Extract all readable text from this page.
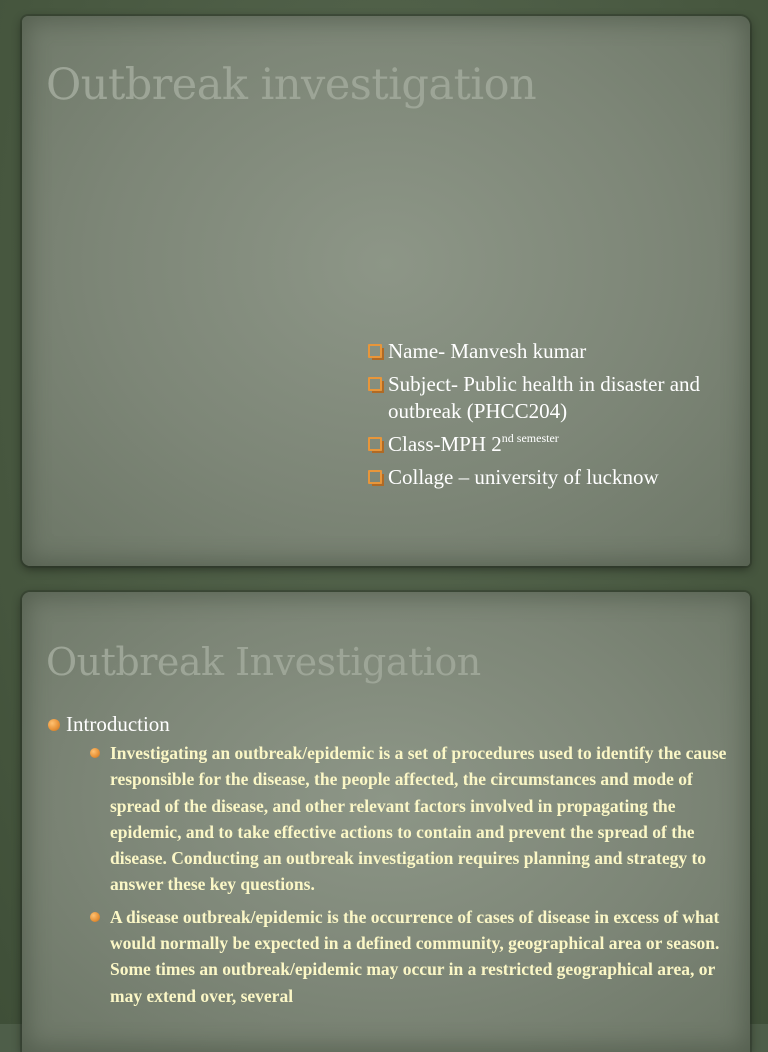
Outbreak investigation
Name- Manvesh kumar
Subject- Public health in disaster and outbreak (PHCC204)
Class-MPH $2^{nd semester}$
Collage – university of lucknow
Outbreak Investigation
Introduction
Investigating an outbreak/epidemic is a set of procedures used to identify the cause responsible for the disease, the people affected, the circumstances and mode of spread of the disease, and other relevant factors involved in propagating the epidemic, and to take effective actions to contain and prevent the spread of the disease. Conducting an outbreak investigation requires planning and strategy to answer these key questions.
A disease outbreak/epidemic is the occurrence of cases of disease in excess of what would normally be expected in a defined community, geographical area or season. Some times an outbreak/epidemic may occur in a restricted geographical area, or may extend over, several
